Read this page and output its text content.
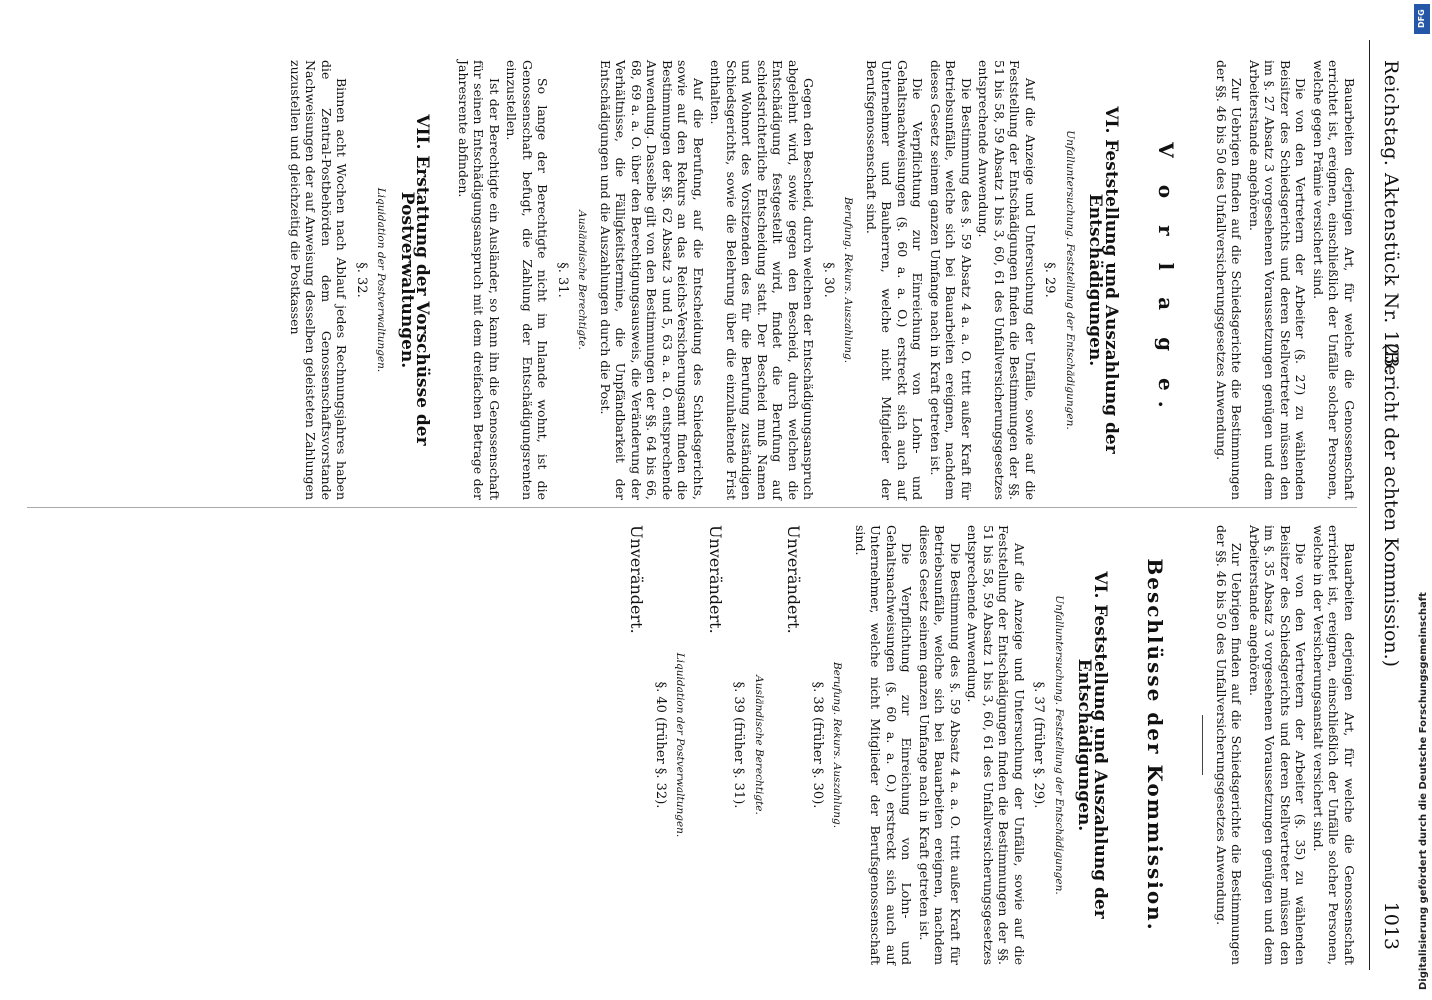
Reichstag. Aktenstück Nr. 123.
(Bericht der achten Kommission.)
1013

Bauarbeiten derjenigen Art, für welche die Genossenschaft errichtet ist, ereignen, einschließlich der Unfälle solcher Personen, welche gegen Prämie versichert sind.

Die von den Vertretern der Arbeiter (§. 27) zu wählenden Beisitzer des Schiedsgerichts und deren Stellvertreter müssen den im §. 27 Absatz 3 vorgesehenen Voraussetzungen genügen und dem Arbeiterstande angehören.

Zur Uebrigen finden auf die Schiedsgerichte die Bestimmungen der §§. 46 bis 50 des Unfallversicherungsgesetzes Anwendung.

V o r l a g e.
VI. Feststellung und Auszahlung der Entschädigungen.
Unfalluntersuchung. Feststellung der Entschädigungen.
§. 29.

Auf die Anzeige und Untersuchung der Unfälle, sowie auf die Feststellung der Entschädigungen finden die Bestimmungen der §§. 51 bis 58, 59 Absatz 1 bis 3, 60, 61 des Unfallversicherungsgesetzes entsprechende Anwendung.

Die Bestimmung des §. 59 Absatz 4 a. a. O. tritt außer Kraft für Betriebsunfälle, welche sich bei Bauarbeiten ereignen, nachdem dieses Gesetz seinem ganzen Umfange nach in Kraft getreten ist.

Die Verpflichtung zur Einreichung von Lohn- und Gehaltsnachweisungen (§. 60 a. a. O.) erstreckt sich auch auf Unternehmer und Bauherren, welche nicht Mitglieder der Berufsgenossenschaft sind.

Berufung. Rekurs. Auszahlung.
§. 30.

Gegen den Bescheid, durch welchen der Entschädigungsanspruch abgelehnt wird, sowie gegen den Bescheid, durch welchen die Entschädigung festgestellt wird, findet die Berufung auf schiedsrichterliche Entscheidung statt. Der Bescheid muß Namen und Wohnort des Vorsitzenden des für die Berufung zuständigen Schiedsgerichts, sowie die Belehrung über die einzuhaltende Frist enthalten.

Auf die Berufung, auf die Entscheidung des Schiedsgerichts, sowie auf den Rekurs an das Reichs-Versicherungsamt finden die Bestimmungen der §§. 62 Absatz 3 und 5, 63 a. a. O. entsprechende Anwendung. Dasselbe gilt von den Bestimmungen der §§. 64 bis 66, 68, 69 a. a. O. über den Berechtigungsausweis, die Veränderung der Verhältnisse, die Fälligkeitstermine, die Unpfändbarkeit der Entschädigungen und die Auszahlungen durch die Post.

Ausländische Berechtigte.
§. 31.

So lange der Berechtigte nicht im Inlande wohnt, ist die Genossenschaft befugt, die Zahlung der Entschädigungsrenten einzustellen.

Ist der Berechtigte ein Ausländer, so kann ihn die Genossenschaft für seinen Entschädigungsanspruch mit dem dreifachen Betrage der Jahresrente abfinden.

VII. Erstattung der Vorschüsse der Postverwaltungen.
Liquidation der Postverwaltungen.
§. 32.

Binnen acht Wochen nach Ablauf jedes Rechnungsjahres haben die Zentral-Postbehörden dem Genossenschaftsvorstande Nachweisungen der auf Anweisung desselben geleisteten Zahlungen zuzustellen und gleichzeitig die Postkassen

Bauarbeiten derjenigen Art, für welche die Genossenschaft errichtet ist, ereignen, einschließlich der Unfälle solcher Personen, welche in der Versicherungsanstalt versichert sind.

Die von den Vertretern der Arbeiter (§. 35) zu wählenden Beisitzer des Schiedsgerichts und deren Stellvertreter müssen den im §. 35 Absatz 3 vorgesehenen Voraussetzungen genügen und dem Arbeiterstande angehören.

Zur Uebrigen finden auf die Schiedsgerichte die Bestimmungen der §§. 46 bis 50 des Unfallversicherungsgesetzes Anwendung.

Beschlüsse der Kommission.
VI. Feststellung und Auszahlung der Entschädigungen.
Unfalluntersuchung. Feststellung der Entschädigungen.
§. 37 (früher §. 29).

Auf die Anzeige und Untersuchung der Unfälle, sowie auf die Feststellung der Entschädigungen finden die Bestimmungen der §§. 51 bis 58, 59 Absatz 1 bis 3, 60, 61 des Unfallversicherungsgesetzes entsprechende Anwendung.

Die Bestimmung des §. 59 Absatz 4 a. a. O. tritt außer Kraft für Betriebsunfälle, welche sich bei Bauarbeiten ereignen, nachdem dieses Gesetz seinem ganzen Umfange nach in Kraft getreten ist.

Die Verpflichtung zur Einreichung von Lohn- und Gehaltsnachweisungen (§. 60 a. a. O.) erstreckt sich auch auf Unternehmer, welche nicht Mitglieder der Berufsgenossenschaft sind.

Berufung. Rekurs. Auszahlung.
§. 38 (früher §. 30).
Unverändert.
Ausländische Berechtigte.
§. 39 (früher §. 31).
Unverändert.
Liquidation der Postverwaltungen.
§. 40 (früher §. 32).
Unverändert.
DFG
Digitalisierung gefördert durch die Deutsche Forschungsgemeinschaft
